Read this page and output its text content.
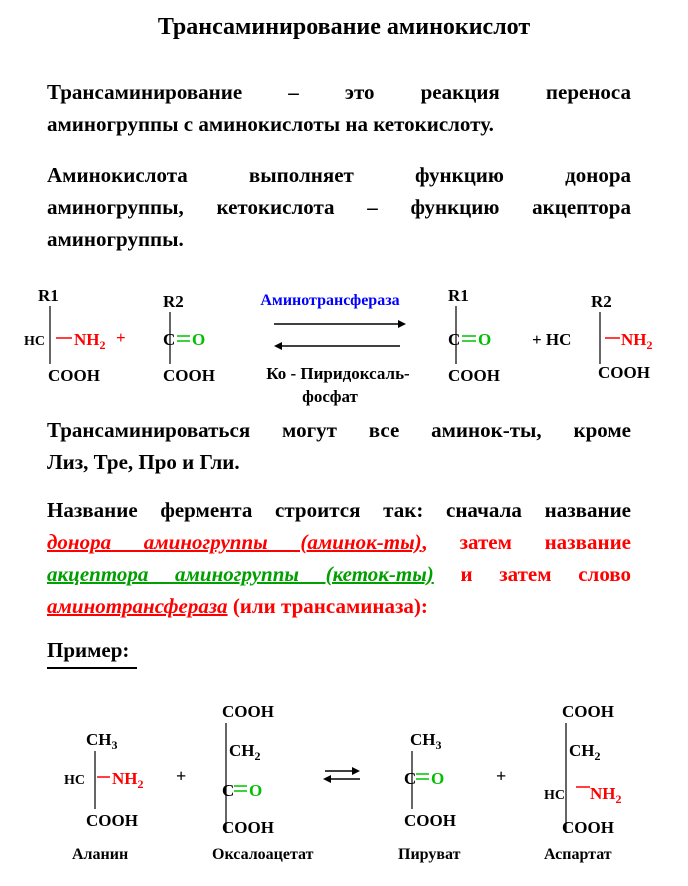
Трансаминирование аминокислот
Трансаминирование – это реакция переноса
аминогруппы с аминокислоты на кетокислоту.
Аминокислота выполняет функцию донора
аминогруппы, кетокислота – функцию акцептора
аминогруппы.
R1
HC $NH_2$ +
COOH
R2
C O
COOH
Аминотрансфераза
Ко - Пиридоксаль-
фосфат
R1
C O
COOH
+ HC
R2
$NH_2$
COOH
Трансаминироваться могут все аминок-ты, кроме
Лиз, Тре, Про и Гли.
Название фермента строится так: сначала название
донора аминогруппы (аминок-ты), затем название
акцептора аминогруппы (кеток-ты) и затем слово
аминотрансфераза (или трансаминаза):
Пример:
$CH_3$
HC $NH_2$
COOH
Аланин
+
COOH
$CH_2$
C O
COOH
Оксалоацетат
$CH_3$
C O
COOH
Пируват
+
COOH
$CH_2$
HC $NH_2$
COOH
Аспартат
